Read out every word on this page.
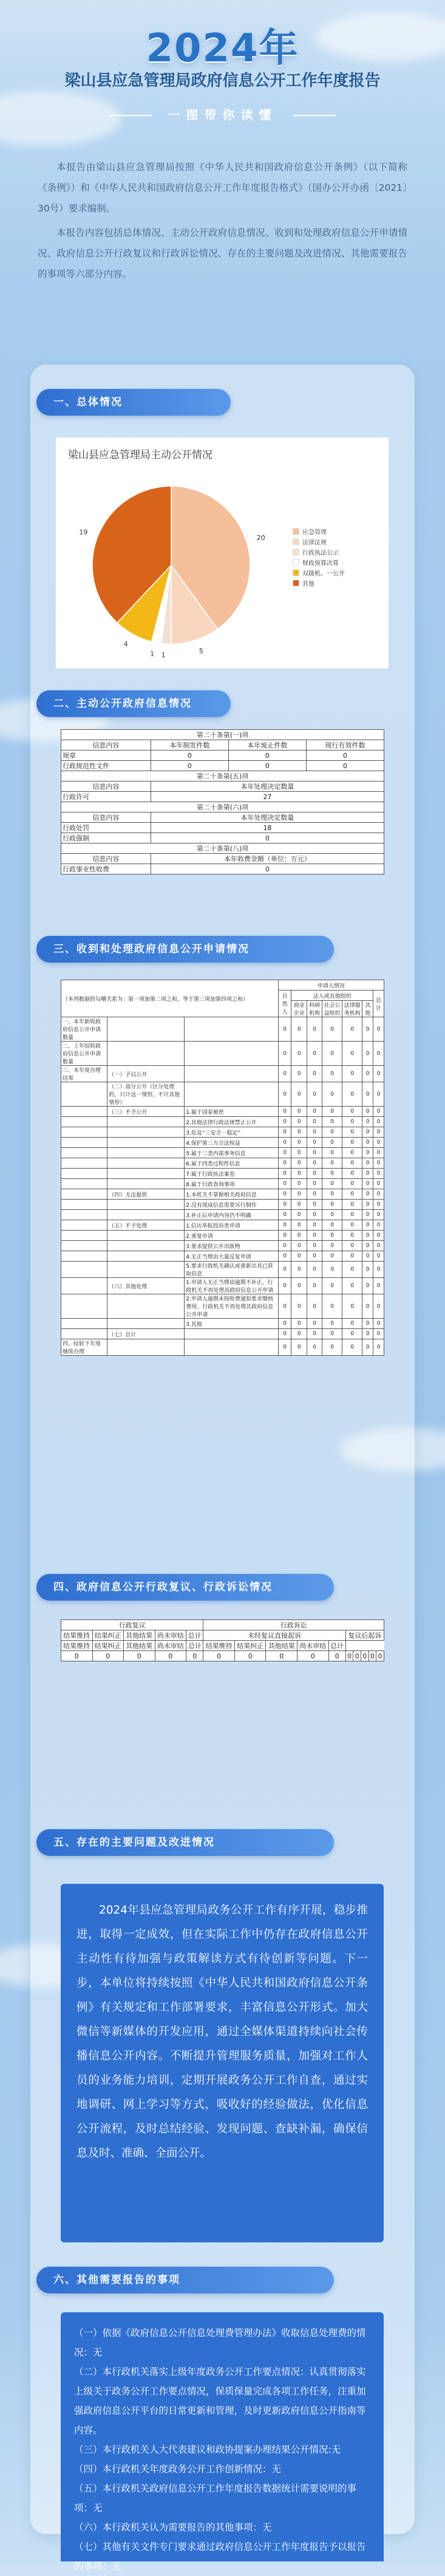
2024年
梁山县应急管理局政府信息公开工作年度报告
一图带你读懂

本报告由梁山县应急管理局按照《中华人民共和国政府信息公开条例》（以下简称《条例》）和《中华人民共和国政府信息公开工作年度报告格式》（国办公开办函〔2021〕30号）要求编制。

本报告内容包括总体情况、主动公开政府信息情况、收到和处理政府信息公开申请情况、政府信息公开行政复议和行政诉讼情况、存在的主要问题及改进情况、其他需要报告的事项等六部分内容。

一、总体情况
梁山县应急管理局主动公开情况
20
5
1
1
4
19	应急管理
法律法规
行政执法公示
财政预算决算
双随机、一公开
其他
二、主动公开政府信息情况
第二十条第(一)项			
信息内容	本年制发件数	本年废止件数	现行有效件数
规章	0	0	0
行政规范性文件	0	0	0
第二十条第(五)项			
信息内容	本年处理决定数量		
行政许可	27		
第二十条第(六)项			
信息内容	本年处理决定数量		
行政处罚	18		
行政强制	0		
第二十条第(八)项			
信息内容	本年收费金额（单位：万元）		
行政事业性收费	0		
三、收到和处理政府信息公开申请情况
（本列数据的勾稽关系为：第一项加第二项之和，等于第三项加第四项之和）			申请人情况						
			自然人	法人或其他组织					总计
				商业企业	科研机构	社会公益组织	法律服务机构	其他	
一、本年新收政府信息公开申请数量			0	0	0	0	0	0	0
二、上年结转政府信息公开申请数量			0	0	0	0	0	0	0
三、本年度办理结果	（一）予以公开		0	0	0	0	0	0	0
	（二）部分公开（区分处理的，只计这一情形，不计其他情形）		0	0	0	0	0	0	0
	（三）不予公开	1.属于国家秘密	0	0	0	0	0	0	0
		2.其他法律行政法规禁止公开	0	0	0	0	0	0	0
		3.危及“三安全一稳定”	0	0	0	0	0	0	0
		4.保护第三方合法权益	0	0	0	0	0	0	0
		5.属于三类内部事务信息	0	0	0	0	0	0	0
		6.属于四类过程性信息	0	0	0	0	0	0	0
		7.属于行政执法案卷	0	0	0	0	0	0	0
		8.属于行政查询事项	0	0	0	0	0	0	0
	（四）无法提供	1.本机关不掌握相关政府信息	0	0	0	0	0	0	0
		2.没有现成信息需要另行制作	0	0	0	0	0	0	0
		3.补正后申请内容仍不明确	0	0	0	0	0	0	0
	（五）不予处理	1.信访举报投诉类申请	0	0	0	0	0	0	0
		2.重复申请	0	0	0	0	0	0	0
		3.要求提供公开出版物	0	0	0	0	0	0	0
		4.无正当理由大量反复申请	0	0	0	0	0	0	0
		5.要求行政机关确认或重新出具已获取信息	0	0	0	0	0	0	0
	（六）其他处理	1.申请人无正当理由逾期不补正、行政机关不再处理其政府信息公开申请	0	0	0	0	0	0	0
		2.申请人逾期未按收费通知要求缴纳费用、行政机关不再处理其政府信息公开申请	0	0	0	0	0	0	0
		3.其他	0	0	0	0	0	0	0
	（七）总计		0	0	0	0	0	0	0
四、结转下年度继续办理			0	0	0	0	0	0	0
四、政府信息公开行政复议、行政诉讼情况
行政复议					行政诉讼									
结果维持	结果纠正	其他结果	尚未审结	总计	未经复议直接起诉					复议后起诉				
结果维持	结果纠正	其他结果	尚未审结	总计	结果维持	结果纠正	其他结果	尚未审结	总计					
0	0	0	0	0	0	0	0	0	0	0	0	0	0	0
五、存在的主要问题及改进情况

2024年县应急管理局政务公开工作有序开展，稳步推进，取得一定成效，但在实际工作中仍存在政府信息公开主动性有待加强与政策解读方式有待创新等问题。下一步，本单位将持续按照《中华人民共和国政府信息公开条例》有关规定和工作部署要求，丰富信息公开形式。加大微信等新媒体的开发应用，通过全媒体渠道持续向社会传播信息公开内容。不断提升管理服务质量，加强对工作人员的业务能力培训，定期开展政务公开工作自查，通过实地调研、网上学习等方式，吸收好的经验做法，优化信息公开流程，及时总结经验、发现问题、查缺补漏，确保信息及时、准确、全面公开。

六、其他需要报告的事项

（一）依据《政府信息公开信息处理费管理办法》收取信息处理费的情况：无

（二）本行政机关落实上级年度政务公开工作要点情况：认真贯彻落实上级关于政务公开工作要点情况，保质保量完成各项工作任务，注重加强政府信息公开平台的日常更新和管理，及时更新政府信息公开指南等内容。

（三）本行政机关人大代表建议和政协提案办理结果公开情况:无

（四）本行政机关年度政务公开工作创新情况：无

（五）本行政机关政府信息公开工作年度报告数据统计需要说明的事项：无

（六）本行政机关认为需要报告的其他事项：无

（七）其他有关文件专门要求通过政府信息公开工作年度报告予以报告的事项：无
